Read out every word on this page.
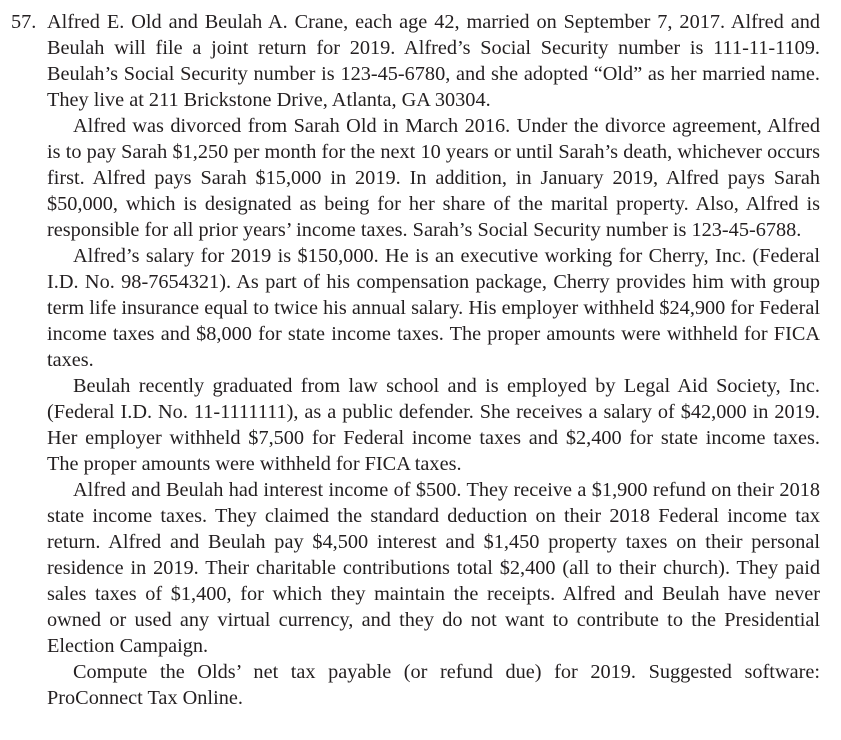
57. Alfred E. Old and Beulah A. Crane, each age 42, married on September 7, 2017. Alfred and Beulah will file a joint return for 2019. Alfred’s Social Security number is 111-11-1109. Beulah’s Social Security number is 123-45-6780, and she adopted “Old” as her married name. They live at 211 Brickstone Drive, Atlanta, GA 30304.

Alfred was divorced from Sarah Old in March 2016. Under the divorce agreement, Alfred is to pay Sarah $1,250 per month for the next 10 years or until Sarah’s death, whichever occurs first. Alfred pays Sarah $15,000 in 2019. In addition, in January 2019, Alfred pays Sarah $50,000, which is designated as being for her share of the marital property. Also, Alfred is responsible for all prior years’ income taxes. Sarah’s Social Security number is 123-45-6788.

Alfred’s salary for 2019 is $150,000. He is an executive working for Cherry, Inc. (Federal I.D. No. 98-7654321). As part of his compensation package, Cherry provides him with group term life insurance equal to twice his annual salary. His employer withheld $24,900 for Federal income taxes and $8,000 for state income taxes. The proper amounts were withheld for FICA taxes.

Beulah recently graduated from law school and is employed by Legal Aid Society, Inc. (Federal I.D. No. 11-1111111), as a public defender. She receives a salary of $42,000 in 2019. Her employer withheld $7,500 for Federal income taxes and $2,400 for state income taxes. The proper amounts were withheld for FICA taxes.

Alfred and Beulah had interest income of $500. They receive a $1,900 refund on their 2018 state income taxes. They claimed the standard deduction on their 2018 Federal income tax return. Alfred and Beulah pay $4,500 interest and $1,450 property taxes on their personal residence in 2019. Their charitable contributions total $2,400 (all to their church). They paid sales taxes of $1,400, for which they maintain the receipts. Alfred and Beulah have never owned or used any virtual currency, and they do not want to contribute to the Presidential Election Campaign.

Compute the Olds’ net tax payable (or refund due) for 2019. Suggested software: ProConnect Tax Online.
